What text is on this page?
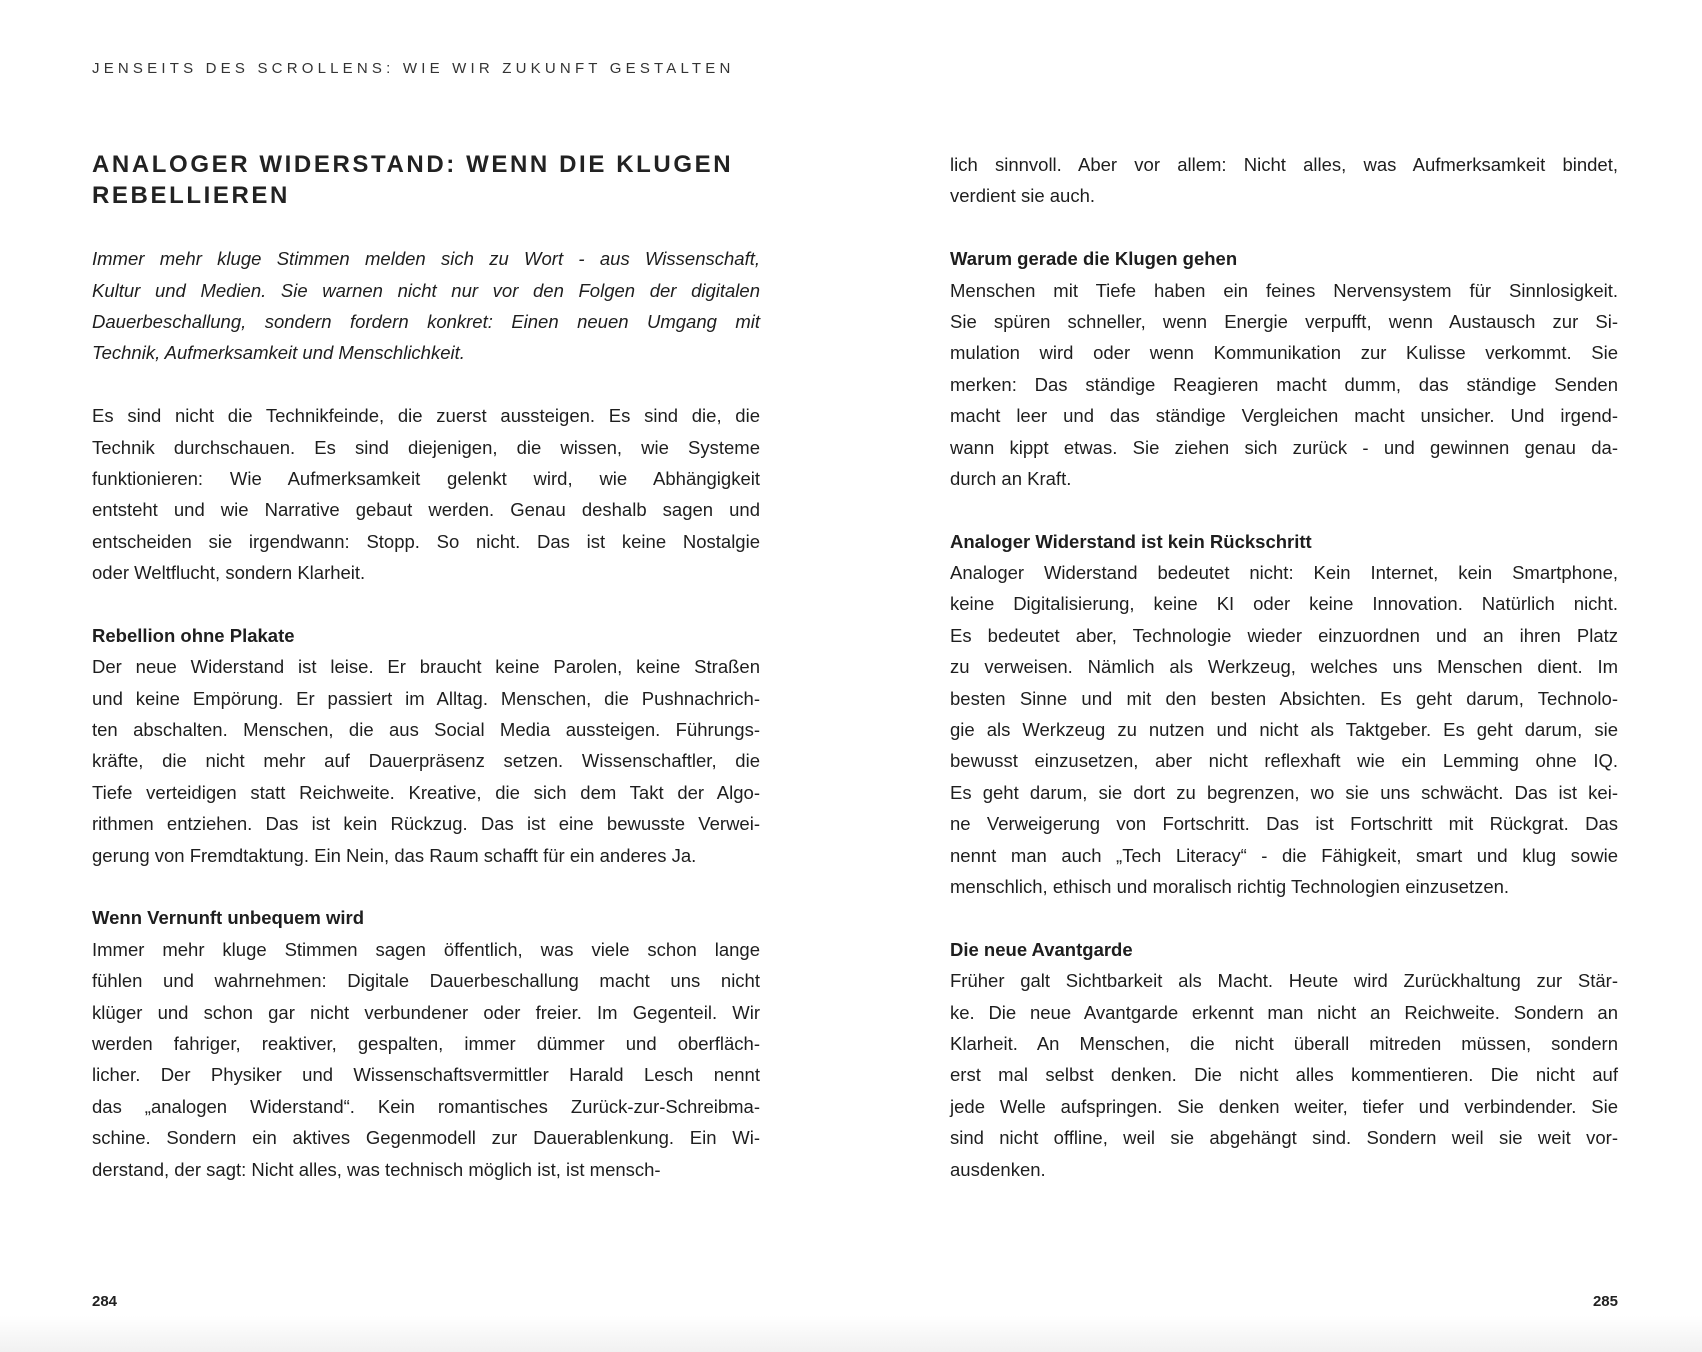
JENSEITS DES SCROLLENS: WIE WIR ZUKUNFT GESTALTEN
ANALOGER WIDERSTAND: WENN DIE KLUGEN
REBELLIEREN
Immer mehr kluge Stimmen melden sich zu Wort - aus Wissenschaft,
Kultur und Medien. Sie warnen nicht nur vor den Folgen der digitalen
Dauerbeschallung, sondern fordern konkret: Einen neuen Umgang mit
Technik, Aufmerksamkeit und Menschlichkeit.
Es sind nicht die Technikfeinde, die zuerst aussteigen. Es sind die, die
Technik durchschauen. Es sind diejenigen, die wissen, wie Systeme
funktionieren: Wie Aufmerksamkeit gelenkt wird, wie Abhängigkeit
entsteht und wie Narrative gebaut werden. Genau deshalb sagen und
entscheiden sie irgendwann: Stopp. So nicht. Das ist keine Nostalgie
oder Weltflucht, sondern Klarheit.
Rebellion ohne Plakate
Der neue Widerstand ist leise. Er braucht keine Parolen, keine Straßen
und keine Empörung. Er passiert im Alltag. Menschen, die Pushnachrich-
ten abschalten. Menschen, die aus Social Media aussteigen. Führungs-
kräfte, die nicht mehr auf Dauerpräsenz setzen. Wissenschaftler, die
Tiefe verteidigen statt Reichweite. Kreative, die sich dem Takt der Algo-
rithmen entziehen. Das ist kein Rückzug. Das ist eine bewusste Verwei-
gerung von Fremdtaktung. Ein Nein, das Raum schafft für ein anderes Ja.
Wenn Vernunft unbequem wird
Immer mehr kluge Stimmen sagen öffentlich, was viele schon lange
fühlen und wahrnehmen: Digitale Dauerbeschallung macht uns nicht
klüger und schon gar nicht verbundener oder freier. Im Gegenteil. Wir
werden fahriger, reaktiver, gespalten, immer dümmer und oberfläch-
licher. Der Physiker und Wissenschaftsvermittler Harald Lesch nennt
das „analogen Widerstand“. Kein romantisches Zurück-zur-Schreibma-
schine. Sondern ein aktives Gegenmodell zur Dauerablenkung. Ein Wi-
derstand, der sagt: Nicht alles, was technisch möglich ist, ist mensch-
lich sinnvoll. Aber vor allem: Nicht alles, was Aufmerksamkeit bindet,
verdient sie auch.
Warum gerade die Klugen gehen
Menschen mit Tiefe haben ein feines Nervensystem für Sinnlosigkeit.
Sie spüren schneller, wenn Energie verpufft, wenn Austausch zur Si-
mulation wird oder wenn Kommunikation zur Kulisse verkommt. Sie
merken: Das ständige Reagieren macht dumm, das ständige Senden
macht leer und das ständige Vergleichen macht unsicher. Und irgend-
wann kippt etwas. Sie ziehen sich zurück - und gewinnen genau da-
durch an Kraft.
Analoger Widerstand ist kein Rückschritt
Analoger Widerstand bedeutet nicht: Kein Internet, kein Smartphone,
keine Digitalisierung, keine KI oder keine Innovation. Natürlich nicht.
Es bedeutet aber, Technologie wieder einzuordnen und an ihren Platz
zu verweisen. Nämlich als Werkzeug, welches uns Menschen dient. Im
besten Sinne und mit den besten Absichten. Es geht darum, Technolo-
gie als Werkzeug zu nutzen und nicht als Taktgeber. Es geht darum, sie
bewusst einzusetzen, aber nicht reflexhaft wie ein Lemming ohne IQ.
Es geht darum, sie dort zu begrenzen, wo sie uns schwächt. Das ist kei-
ne Verweigerung von Fortschritt. Das ist Fortschritt mit Rückgrat. Das
nennt man auch „Tech Literacy“ - die Fähigkeit, smart und klug sowie
menschlich, ethisch und moralisch richtig Technologien einzusetzen.
Die neue Avantgarde
Früher galt Sichtbarkeit als Macht. Heute wird Zurückhaltung zur Stär-
ke. Die neue Avantgarde erkennt man nicht an Reichweite. Sondern an
Klarheit. An Menschen, die nicht überall mitreden müssen, sondern
erst mal selbst denken. Die nicht alles kommentieren. Die nicht auf
jede Welle aufspringen. Sie denken weiter, tiefer und verbindender. Sie
sind nicht offline, weil sie abgehängt sind. Sondern weil sie weit vor-
ausdenken.
284	285
